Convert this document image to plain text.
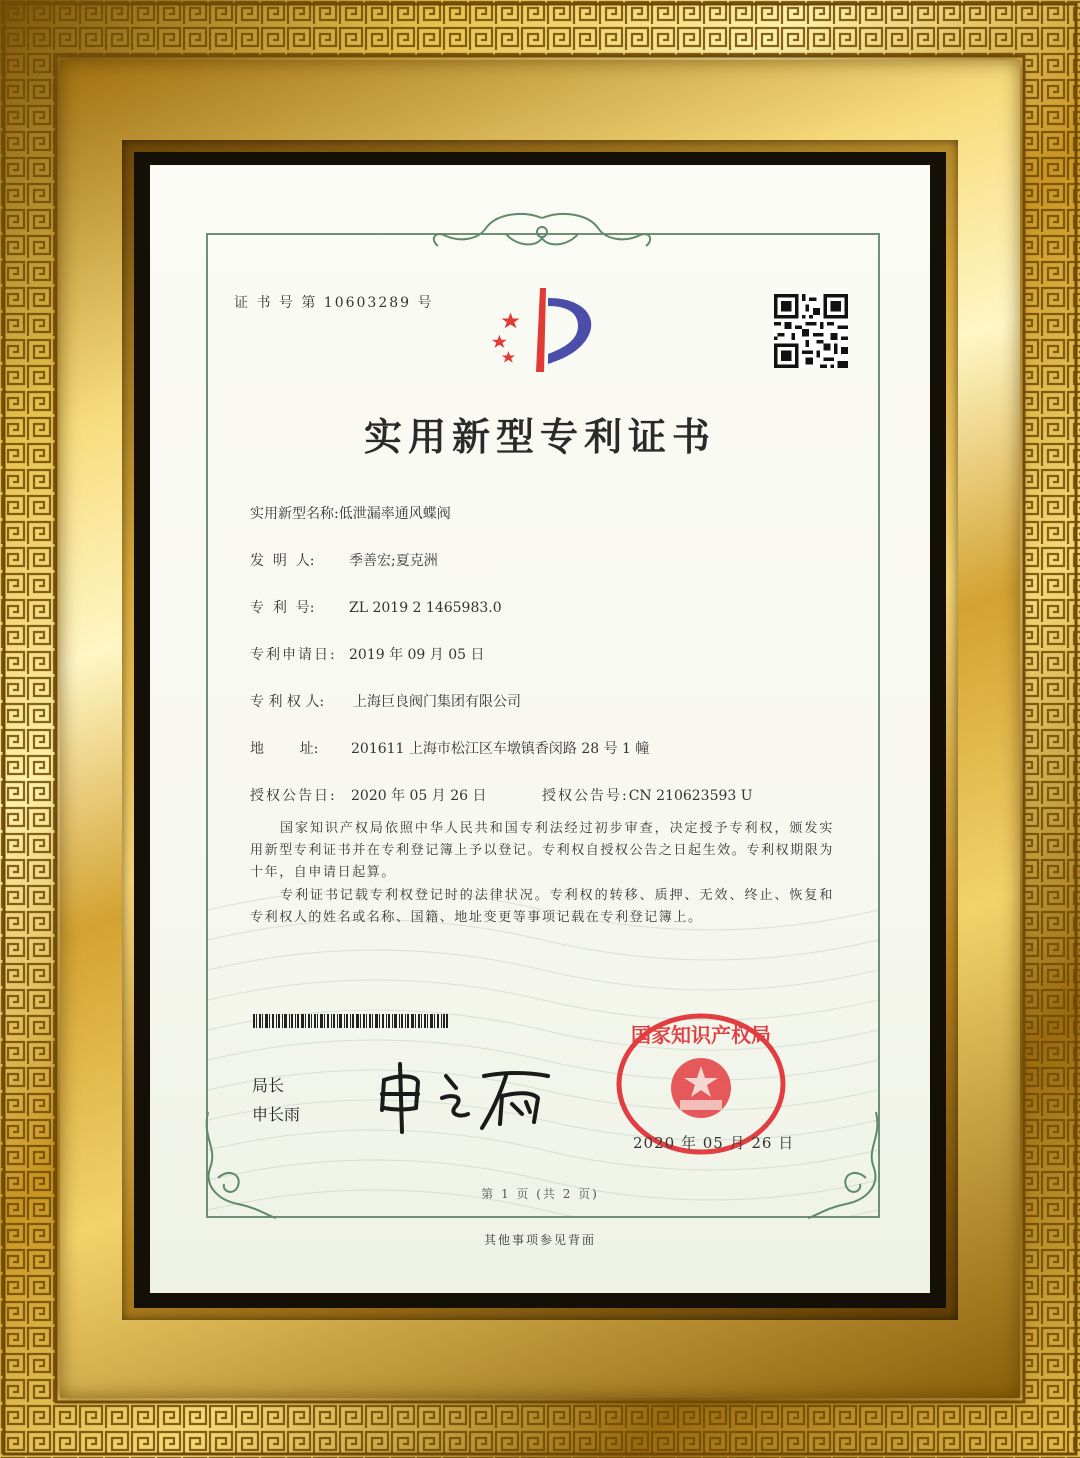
证 书 号 第 10603289 号
实用新型专利证书
实用新型名称:低泄漏率通风蝶阀
发  明  人: 季善宏;夏克洲
专  利  号: ZL 2019 2 1465983.0
专利申请日: 2019 年 09 月 05 日
专 利 权 人: 上海巨良阀门集团有限公司
地        址: 201611 上海市松江区车墩镇香闵路 28 号 1 幢
授权公告日: 2020 年 05 月 26 日	授权公告号:CN 210623593 U
国家知识产权局依照中华人民共和国专利法经过初步审查，决定授予专利权，颁发实用新型专利证书并在专利登记簿上予以登记。专利权自授权公告之日起生效。专利权期限为十年，自申请日起算。
专利证书记载专利权登记时的法律状况。专利权的转移、质押、无效、终止、恢复和专利权人的姓名或名称、国籍、地址变更等事项记载在专利登记簿上。
局长
申长雨
国家知识产权局
2020 年 05 月 26 日
第 1 页 (共 2 页)
其他事项参见背面
